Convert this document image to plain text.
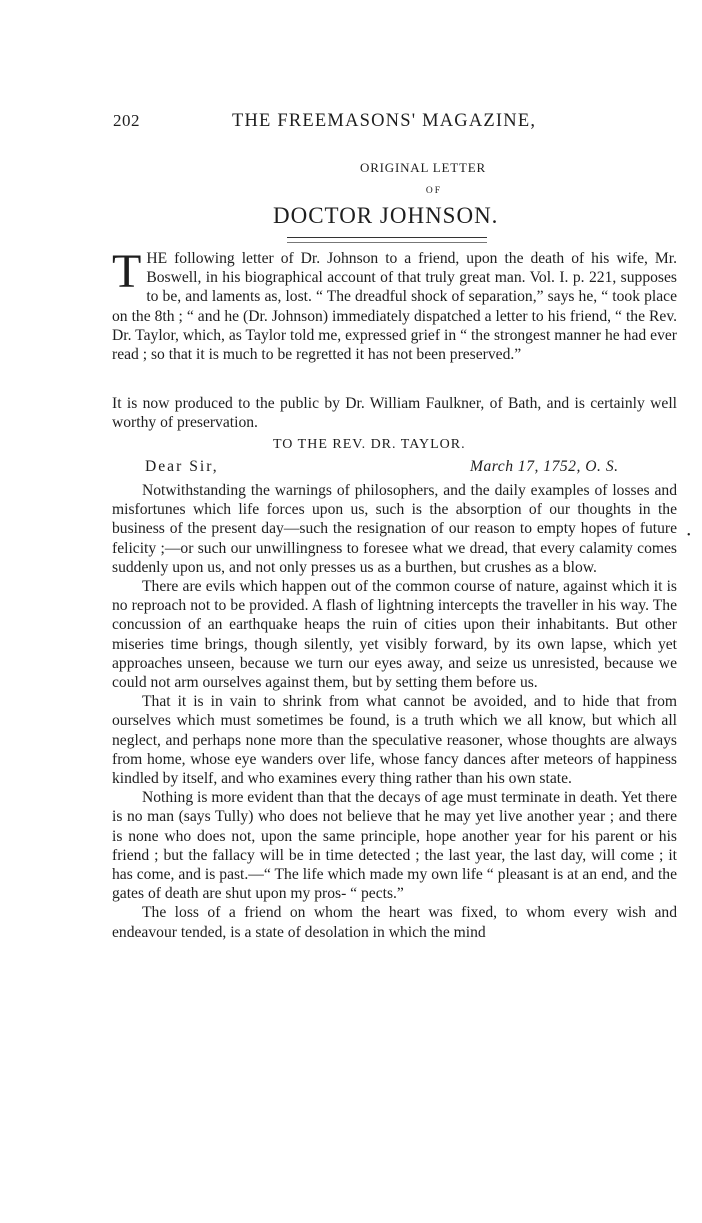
202	THE FREEMASONS' MAGAZINE,
ORIGINAL LETTER
OF
DOCTOR JOHNSON.
T HE following letter of Dr. Johnson to a friend, upon the death of his wife, Mr. Boswell, in his biographical account of that truly great man. Vol. I. p. 221, supposes to be, and laments as, lost. “ The dreadful shock of separation,” says he, “ took place on the 8th ; “ and he (Dr. Johnson) immediately dispatched a letter to his friend, “ the Rev. Dr. Taylor, which, as Taylor told me, expressed grief in “ the strongest manner he had ever read ; so that it is much to be regretted it has not been preserved.”

It is now produced to the public by Dr. William Faulkner, of Bath, and is certainly well worthy of preservation.
TO THE REV. DR. TAYLOR.
Dear Sir,	March 17, 1752, O. S.

Notwithstanding the warnings of philosophers, and the daily examples of losses and misfortunes which life forces upon us, such is the absorption of our thoughts in the business of the present day—such the resignation of our reason to empty hopes of future felicity ;—or such our unwillingness to foresee what we dread, that every calamity comes suddenly upon us, and not only presses us as a burthen, but crushes as a blow.

There are evils which happen out of the common course of nature, against which it is no reproach not to be provided. A flash of lightning intercepts the traveller in his way. The concussion of an earthquake heaps the ruin of cities upon their inhabitants. But other miseries time brings, though silently, yet visibly forward, by its own lapse, which yet approaches unseen, because we turn our eyes away, and seize us unresisted, because we could not arm ourselves against them, but by setting them before us.

That it is in vain to shrink from what cannot be avoided, and to hide that from ourselves which must sometimes be found, is a truth which we all know, but which all neglect, and perhaps none more than the speculative reasoner, whose thoughts are always from home, whose eye wanders over life, whose fancy dances after meteors of happiness kindled by itself, and who examines every thing rather than his own state.

Nothing is more evident than that the decays of age must terminate in death. Yet there is no man (says Tully) who does not believe that he may yet live another year ; and there is none who does not, upon the same principle, hope another year for his parent or his friend ; but the fallacy will be in time detected ; the last year, the last day, will come ; it has come, and is past.—“ The life which made my own life “ pleasant is at an end, and the gates of death are shut upon my pros- “ pects.”

The loss of a friend on whom the heart was fixed, to whom every wish and endeavour tended, is a state of desolation in which the mind

•
